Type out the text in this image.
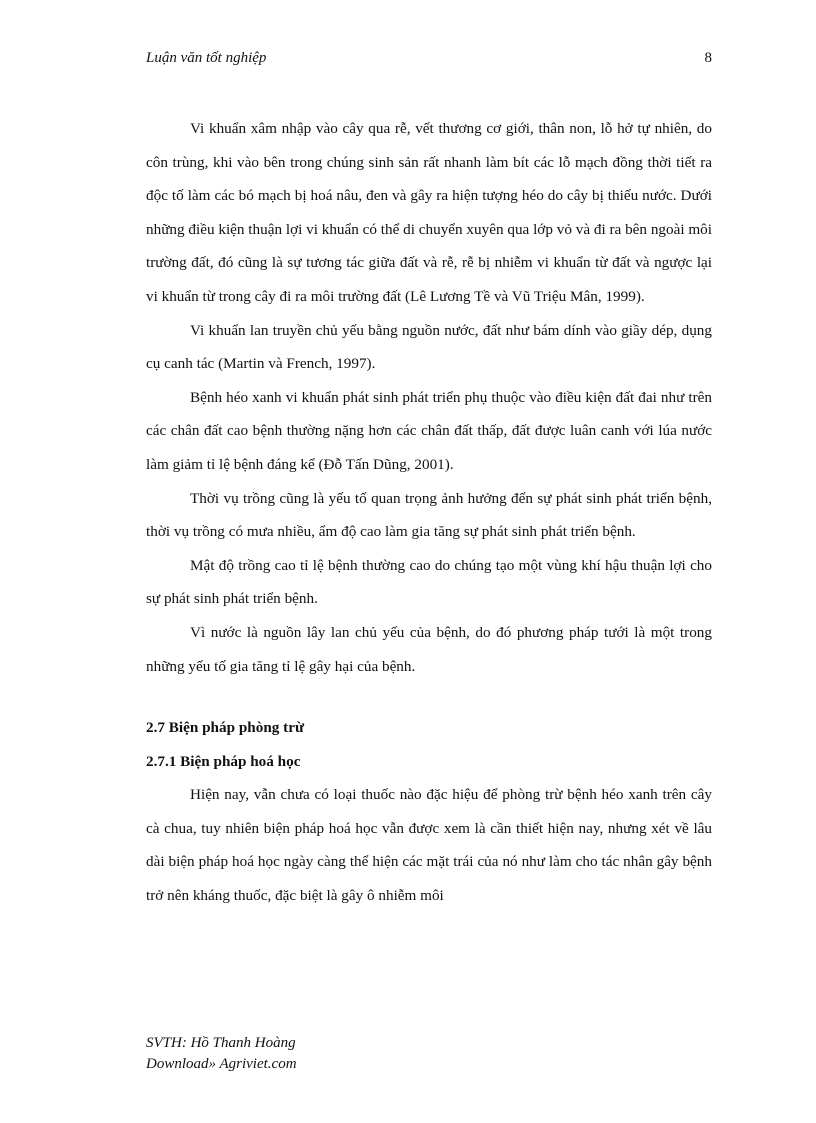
Luận văn tốt nghiệp	8

Vi khuẩn xâm nhập vào cây qua rễ, vết thương cơ giới, thân non, lỗ hở tự nhiên, do côn trùng, khi vào bên trong chúng sinh sản rất nhanh làm bít các lỗ mạch đồng thời tiết ra độc tố làm các bó mạch bị hoá nâu, đen và gây ra hiện tượng héo do cây bị thiếu nước. Dưới những điều kiện thuận lợi vi khuẩn có thể di chuyển xuyên qua lớp vỏ và đi ra bên ngoài môi trường đất, đó cũng là sự tương tác giữa đất và rễ, rễ bị nhiễm vi khuẩn từ đất và ngược lại vi khuẩn từ trong cây đi ra môi trường đất (Lê Lương Tề và Vũ Triệu Mân, 1999).

Vi khuẩn lan truyền chủ yếu bằng nguồn nước, đất như bám dính vào giầy dép, dụng cụ canh tác (Martin và French, 1997).

Bệnh héo xanh vi khuẩn phát sinh phát triển phụ thuộc vào điều kiện đất đai như trên các chân đất cao bệnh thường nặng hơn các chân đất thấp, đất được luân canh với lúa nước làm giảm tỉ lệ bệnh đáng kể (Đỗ Tấn Dũng, 2001).

Thời vụ trồng cũng là yếu tố quan trọng ảnh hưởng đến sự phát sinh phát triển bệnh, thời vụ trồng có mưa nhiều, ẩm độ cao làm gia tăng sự phát sinh phát triển bệnh.

Mật độ trồng cao tỉ lệ bệnh thường cao do chúng tạo một vùng khí hậu thuận lợi cho sự phát sinh phát triển bệnh.

Vì nước là nguồn lây lan chủ yếu của bệnh, do đó phương pháp tưới là một trong những yếu tố gia tăng tỉ lệ gây hại của bệnh.

2.7 Biện pháp phòng trừ
2.7.1 Biện pháp hoá học

Hiện nay, vẫn chưa có loại thuốc nào đặc hiệu để phòng trừ bệnh héo xanh trên cây cà chua, tuy nhiên biện pháp hoá học vẫn được xem là cần thiết hiện nay, nhưng xét về lâu dài biện pháp hoá học ngày càng thể hiện các mặt trái của nó như làm cho tác nhân gây bệnh trở nên kháng thuốc, đặc biệt là gây ô nhiễm môi

SVTH: Hồ Thanh Hoàng
Download» Agriviet.com
